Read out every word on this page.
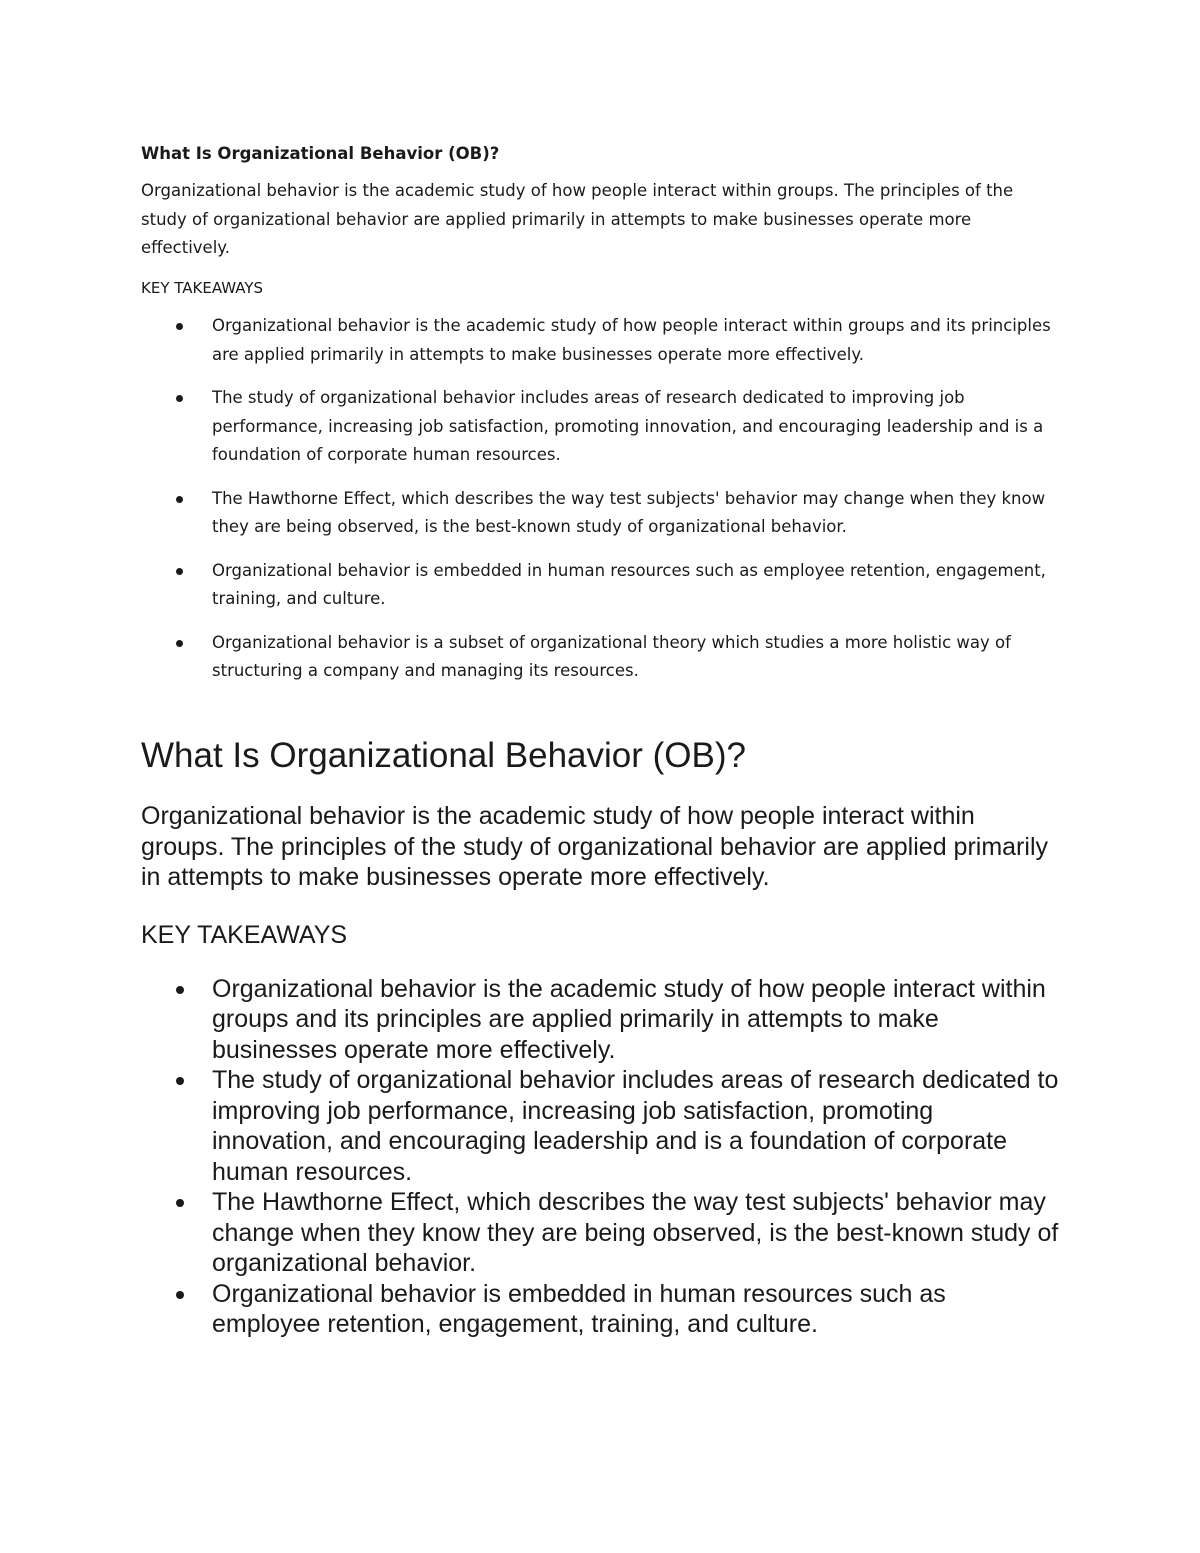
What Is Organizational Behavior (OB)?

Organizational behavior is the academic study of how people interact within groups. The principles of the study of organizational behavior are applied primarily in attempts to make businesses operate more effectively.

KEY TAKEAWAYS

Organizational behavior is the academic study of how people interact within groups and its principles are applied primarily in attempts to make businesses operate more effectively.
The study of organizational behavior includes areas of research dedicated to improving job performance, increasing job satisfaction, promoting innovation, and encouraging leadership and is a foundation of corporate human resources.
The Hawthorne Effect, which describes the way test subjects' behavior may change when they know they are being observed, is the best-known study of organizational behavior.
Organizational behavior is embedded in human resources such as employee retention, engagement, training, and culture.
Organizational behavior is a subset of organizational theory which studies a more holistic way of structuring a company and managing its resources.
What Is Organizational Behavior (OB)?

Organizational behavior is the academic study of how people interact within groups. The principles of the study of organizational behavior are applied primarily in attempts to make businesses operate more effectively.

KEY TAKEAWAYS

Organizational behavior is the academic study of how people interact within groups and its principles are applied primarily in attempts to make businesses operate more effectively.
The study of organizational behavior includes areas of research dedicated to improving job performance, increasing job satisfaction, promoting innovation, and encouraging leadership and is a foundation of corporate human resources.
The Hawthorne Effect, which describes the way test subjects' behavior may change when they know they are being observed, is the best-known study of organizational behavior.
Organizational behavior is embedded in human resources such as employee retention, engagement, training, and culture.
